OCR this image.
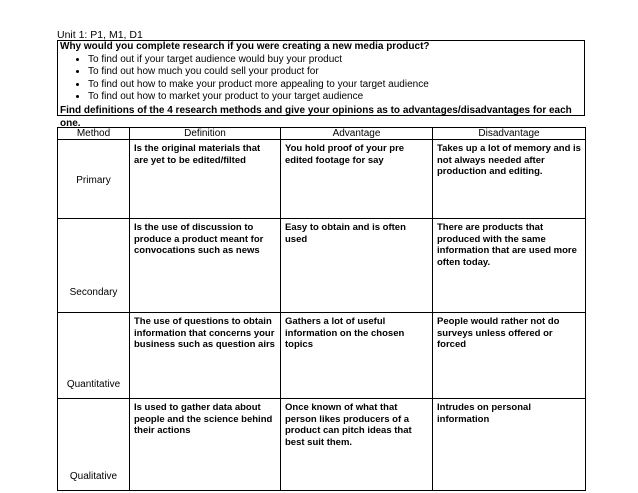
Unit 1: P1, M1, D1
Why would you complete research if you were creating a new media product?
• To find out if your target audience would buy your product
• To find out how much you could sell your product for
• To find out how to make your product more appealing to your target audience
• To find out how to market your product to your target audience
Find definitions of the 4 research methods and give your opinions as to advantages/disadvantages for each one.
Method	Definition	Advantage	Disadvantage
Primary	Is the original materials that are yet to be edited/filted	You hold proof of your pre edited footage for say	Takes up a lot of memory and is not always needed after production and editing.
Secondary	Is the use of discussion to produce a product meant for convocations such as news	Easy to obtain and is often used	There are products that produced with the same information that are used more often today.
Quantitative	The use of questions to obtain information that concerns your business such as question airs	Gathers a lot of useful information on the chosen topics	People would rather not do surveys unless offered or forced
Qualitative	Is used to gather data about people and the science behind their actions	Once known of what that person likes producers of a product can pitch ideas that best suit them.	Intrudes on personal information
